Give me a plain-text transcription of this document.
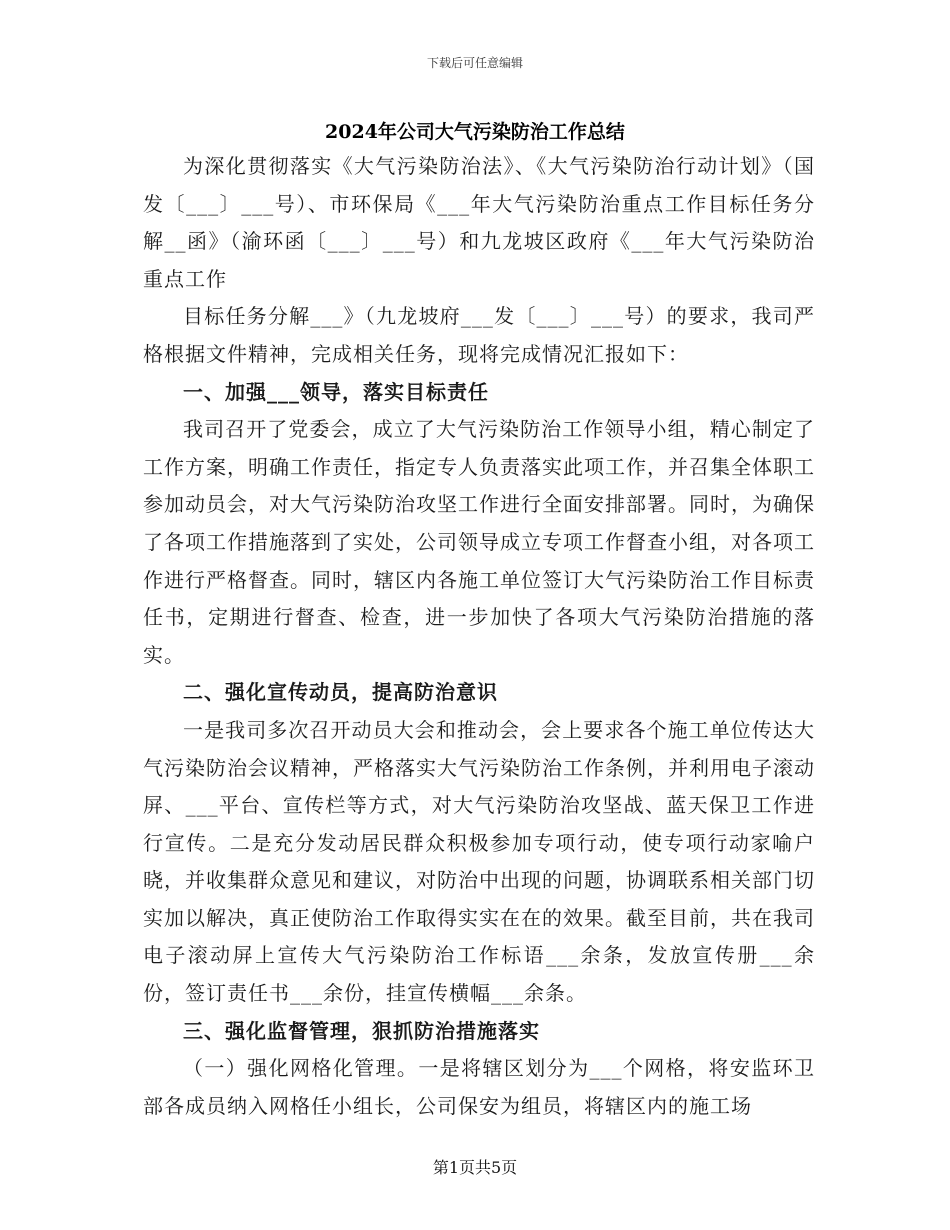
下载后可任意编辑
2024年公司大气污染防治工作总结

为深化贯彻落实《大气污染防治法》、《大气污染防治行动计划》（国发〔___〕___号）、市环保局《___年大气污染防治重点工作目标任务分解__函》（渝环函〔___〕___号）和九龙坡区政府《___年大气污染防治重点工作

目标任务分解___》（九龙坡府___发〔___〕___号）的要求，我司严格根据文件精神，完成相关任务，现将完成情况汇报如下：

一、加强___领导，落实目标责任

我司召开了党委会，成立了大气污染防治工作领导小组，精心制定了工作方案，明确工作责任，指定专人负责落实此项工作，并召集全体职工参加动员会，对大气污染防治攻坚工作进行全面安排部署。同时，为确保了各项工作措施落到了实处，公司领导成立专项工作督查小组，对各项工作进行严格督查。同时，辖区内各施工单位签订大气污染防治工作目标责任书，定期进行督查、检查，进一步加快了各项大气污染防治措施的落实。

二、强化宣传动员，提高防治意识

一是我司多次召开动员大会和推动会，会上要求各个施工单位传达大气污染防治会议精神，严格落实大气污染防治工作条例，并利用电子滚动屏、___平台、宣传栏等方式，对大气污染防治攻坚战、蓝天保卫工作进行宣传。二是充分发动居民群众积极参加专项行动，使专项行动家喻户晓，并收集群众意见和建议，对防治中出现的问题，协调联系相关部门切实加以解决，真正使防治工作取得实实在在的效果。截至目前，共在我司电子滚动屏上宣传大气污染防治工作标语___余条，发放宣传册___余份，签订责任书___余份，挂宣传横幅___余条。

三、强化监督管理，狠抓防治措施落实

（一）强化网格化管理。一是将辖区划分为___个网格，将安监环卫部各成员纳入网格任小组长，公司保安为组员，将辖区内的施工场

第1页共5页
